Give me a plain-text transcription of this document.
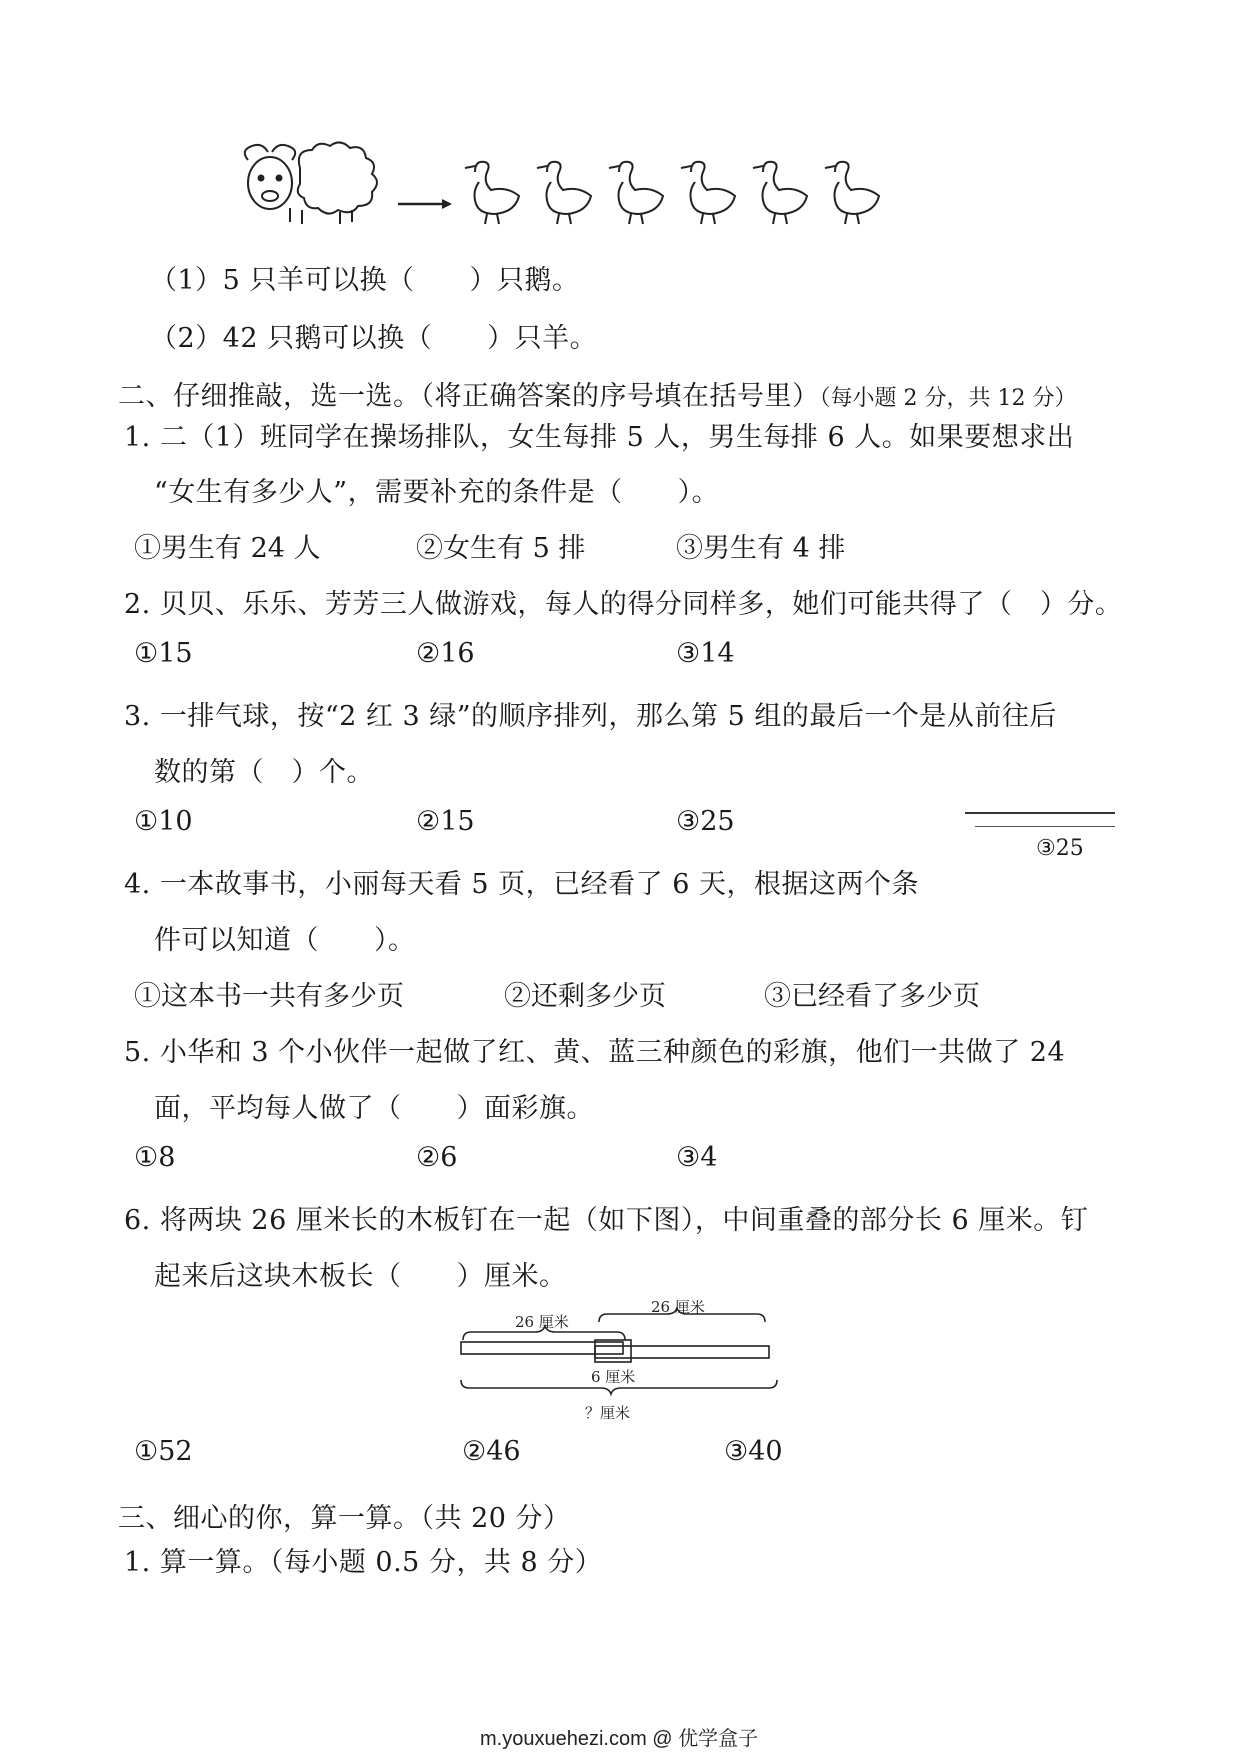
（1）5 只羊可以换（　　）只鹅。
（2）42 只鹅可以换（　　）只羊。
二、仔细推敲，选一选。（将正确答案的序号填在括号里）（每小题 2 分，共 12 分）
1. 二（1）班同学在操场排队，女生每排 5 人，男生每排 6 人。如果要想求出
“女生有多少人”，需要补充的条件是（　　）。
①男生有 24 人	②女生有 5 排	③男生有 4 排
2. 贝贝、乐乐、芳芳三人做游戏，每人的得分同样多，她们可能共得了（　）分。
①15	②16	③14
3. 一排气球，按“2 红 3 绿”的顺序排列，那么第 5 组的最后一个是从前往后
数的第（　）个。
①10	②15	③25
③25
4. 一本故事书，小丽每天看 5 页，已经看了 6 天，根据这两个条
件可以知道（　　）。
①这本书一共有多少页	②还剩多少页	③已经看了多少页
5. 小华和 3 个小伙伴一起做了红、黄、蓝三种颜色的彩旗，他们一共做了 24
面，平均每人做了（　　）面彩旗。
①8	②6	③4
6. 将两块 26 厘米长的木板钉在一起（如下图），中间重叠的部分长 6 厘米。钉
起来后这块木板长（　　）厘米。
26 厘米
26 厘米
6 厘米
？厘米
①52	②46	③40
三、细心的你，算一算。（共 20 分）
1. 算一算。（每小题 0.5 分，共 8 分）
m.youxuehezi.com @ 优学盒子
